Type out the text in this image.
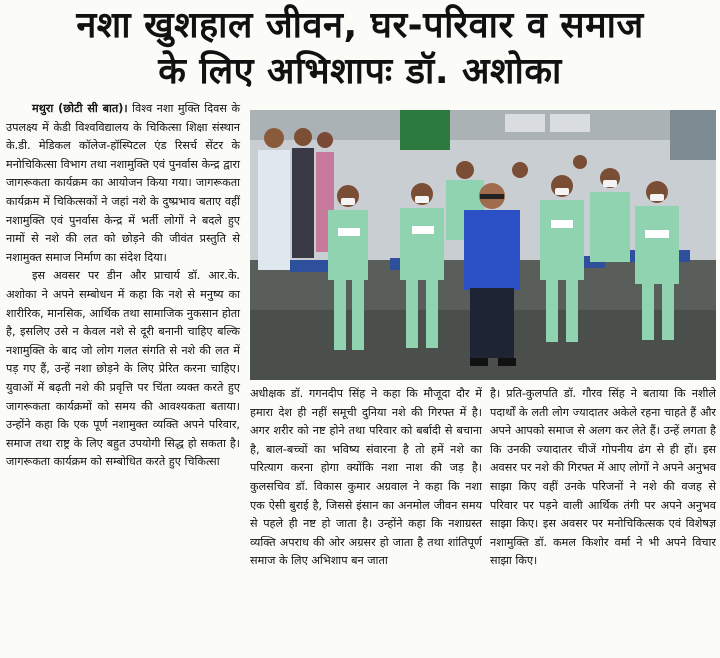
नशा खुशहाल जीवन, घर-परिवार व समाज
के लिए अभिशापः डॉ. अशोका

मथुरा (छोटी सी बात)। विश्व नशा मुक्ति दिवस के उपलक्ष्य में केडी विश्वविद्यालय के चिकित्सा शिक्षा संस्थान के.डी. मेडिकल कॉलेज-हॉस्पिटल एंड रिसर्च सेंटर के मनोचिकित्सा विभाग तथा नशामुक्ति एवं पुनर्वास केन्द्र द्वारा जागरूकता कार्यक्रम का आयोजन किया गया। जागरूकता कार्यक्रम में चिकित्सकों ने जहां नशे के दुष्प्रभाव बताए वहीं नशामुक्ति एवं पुनर्वास केन्द्र में भर्ती लोगों ने बदले हुए नामों से नशे की लत को छोड़ने की जीवंत प्रस्तुति से नशामुक्त समाज निर्माण का संदेश दिया।

इस अवसर पर डीन और प्राचार्य डॉ. आर.के. अशोका ने अपने सम्बोधन में कहा कि नशे से मनुष्य का शारीरिक, मानसिक, आर्थिक तथा सामाजिक नुकसान होता है, इसलिए उसे न केवल नशे से दूरी बनानी चाहिए बल्कि नशामुक्ति के बाद जो लोग गलत संगति से नशे की लत में पड़ गए हैं, उन्हें नशा छोड़ने के लिए प्रेरित करना चाहिए। युवाओं में बढ़ती नशे की प्रवृत्ति पर चिंता व्यक्त करते हुए जागरूकता कार्यक्रमों को समय की आवश्यकता बताया। उन्होंने कहा कि एक पूर्ण नशामुक्त व्यक्ति अपने परिवार, समाज तथा राष्ट्र के लिए बहुत उपयोगी सिद्ध हो सकता है। जागरूकता कार्यक्रम को सम्बोधित करते हुए चिकित्सा

अधीक्षक डॉ. गगनदीप सिंह ने कहा कि मौजूदा दौर में हमारा देश ही नहीं समूची दुनिया नशे की गिरफ्त में है। अगर शरीर को नष्ट होने तथा परिवार को बर्बादी से बचाना है, बाल-बच्चों का भविष्य संवारना है तो हमें नशे का परित्याग करना होगा क्योंकि नशा नाश की जड़ है। कुलसचिव डॉ. विकास कुमार अग्रवाल ने कहा कि नशा एक ऐसी बुराई है, जिससे इंसान का अनमोल जीवन समय से पहले ही नष्ट हो जाता है। उन्होंने कहा कि नशाग्रस्त व्यक्ति अपराध की ओर अग्रसर हो जाता है तथा शांतिपूर्ण समाज के लिए अभिशाप बन जाता
है। प्रति-कुलपति डॉ. गौरव सिंह ने बताया कि नशीले पदार्थों के लती लोग ज्यादातर अकेले रहना चाहते हैं और अपने आपको समाज से अलग कर लेते हैं। उन्हें लगता है कि उनकी ज्यादातर चीजें गोपनीय ढंग से ही हों। इस अवसर पर नशे की गिरफ्त में आए लोगों ने अपने अनुभव साझा किए वहीं उनके परिजनों ने नशे की वजह से परिवार पर पड़ने वाली आर्थिक तंगी पर अपने अनुभव साझा किए। इस अवसर पर मनोचिकित्सक एवं विशेषज्ञ नशामुक्ति डॉ. कमल किशोर वर्मा ने भी अपने विचार साझा किए।
